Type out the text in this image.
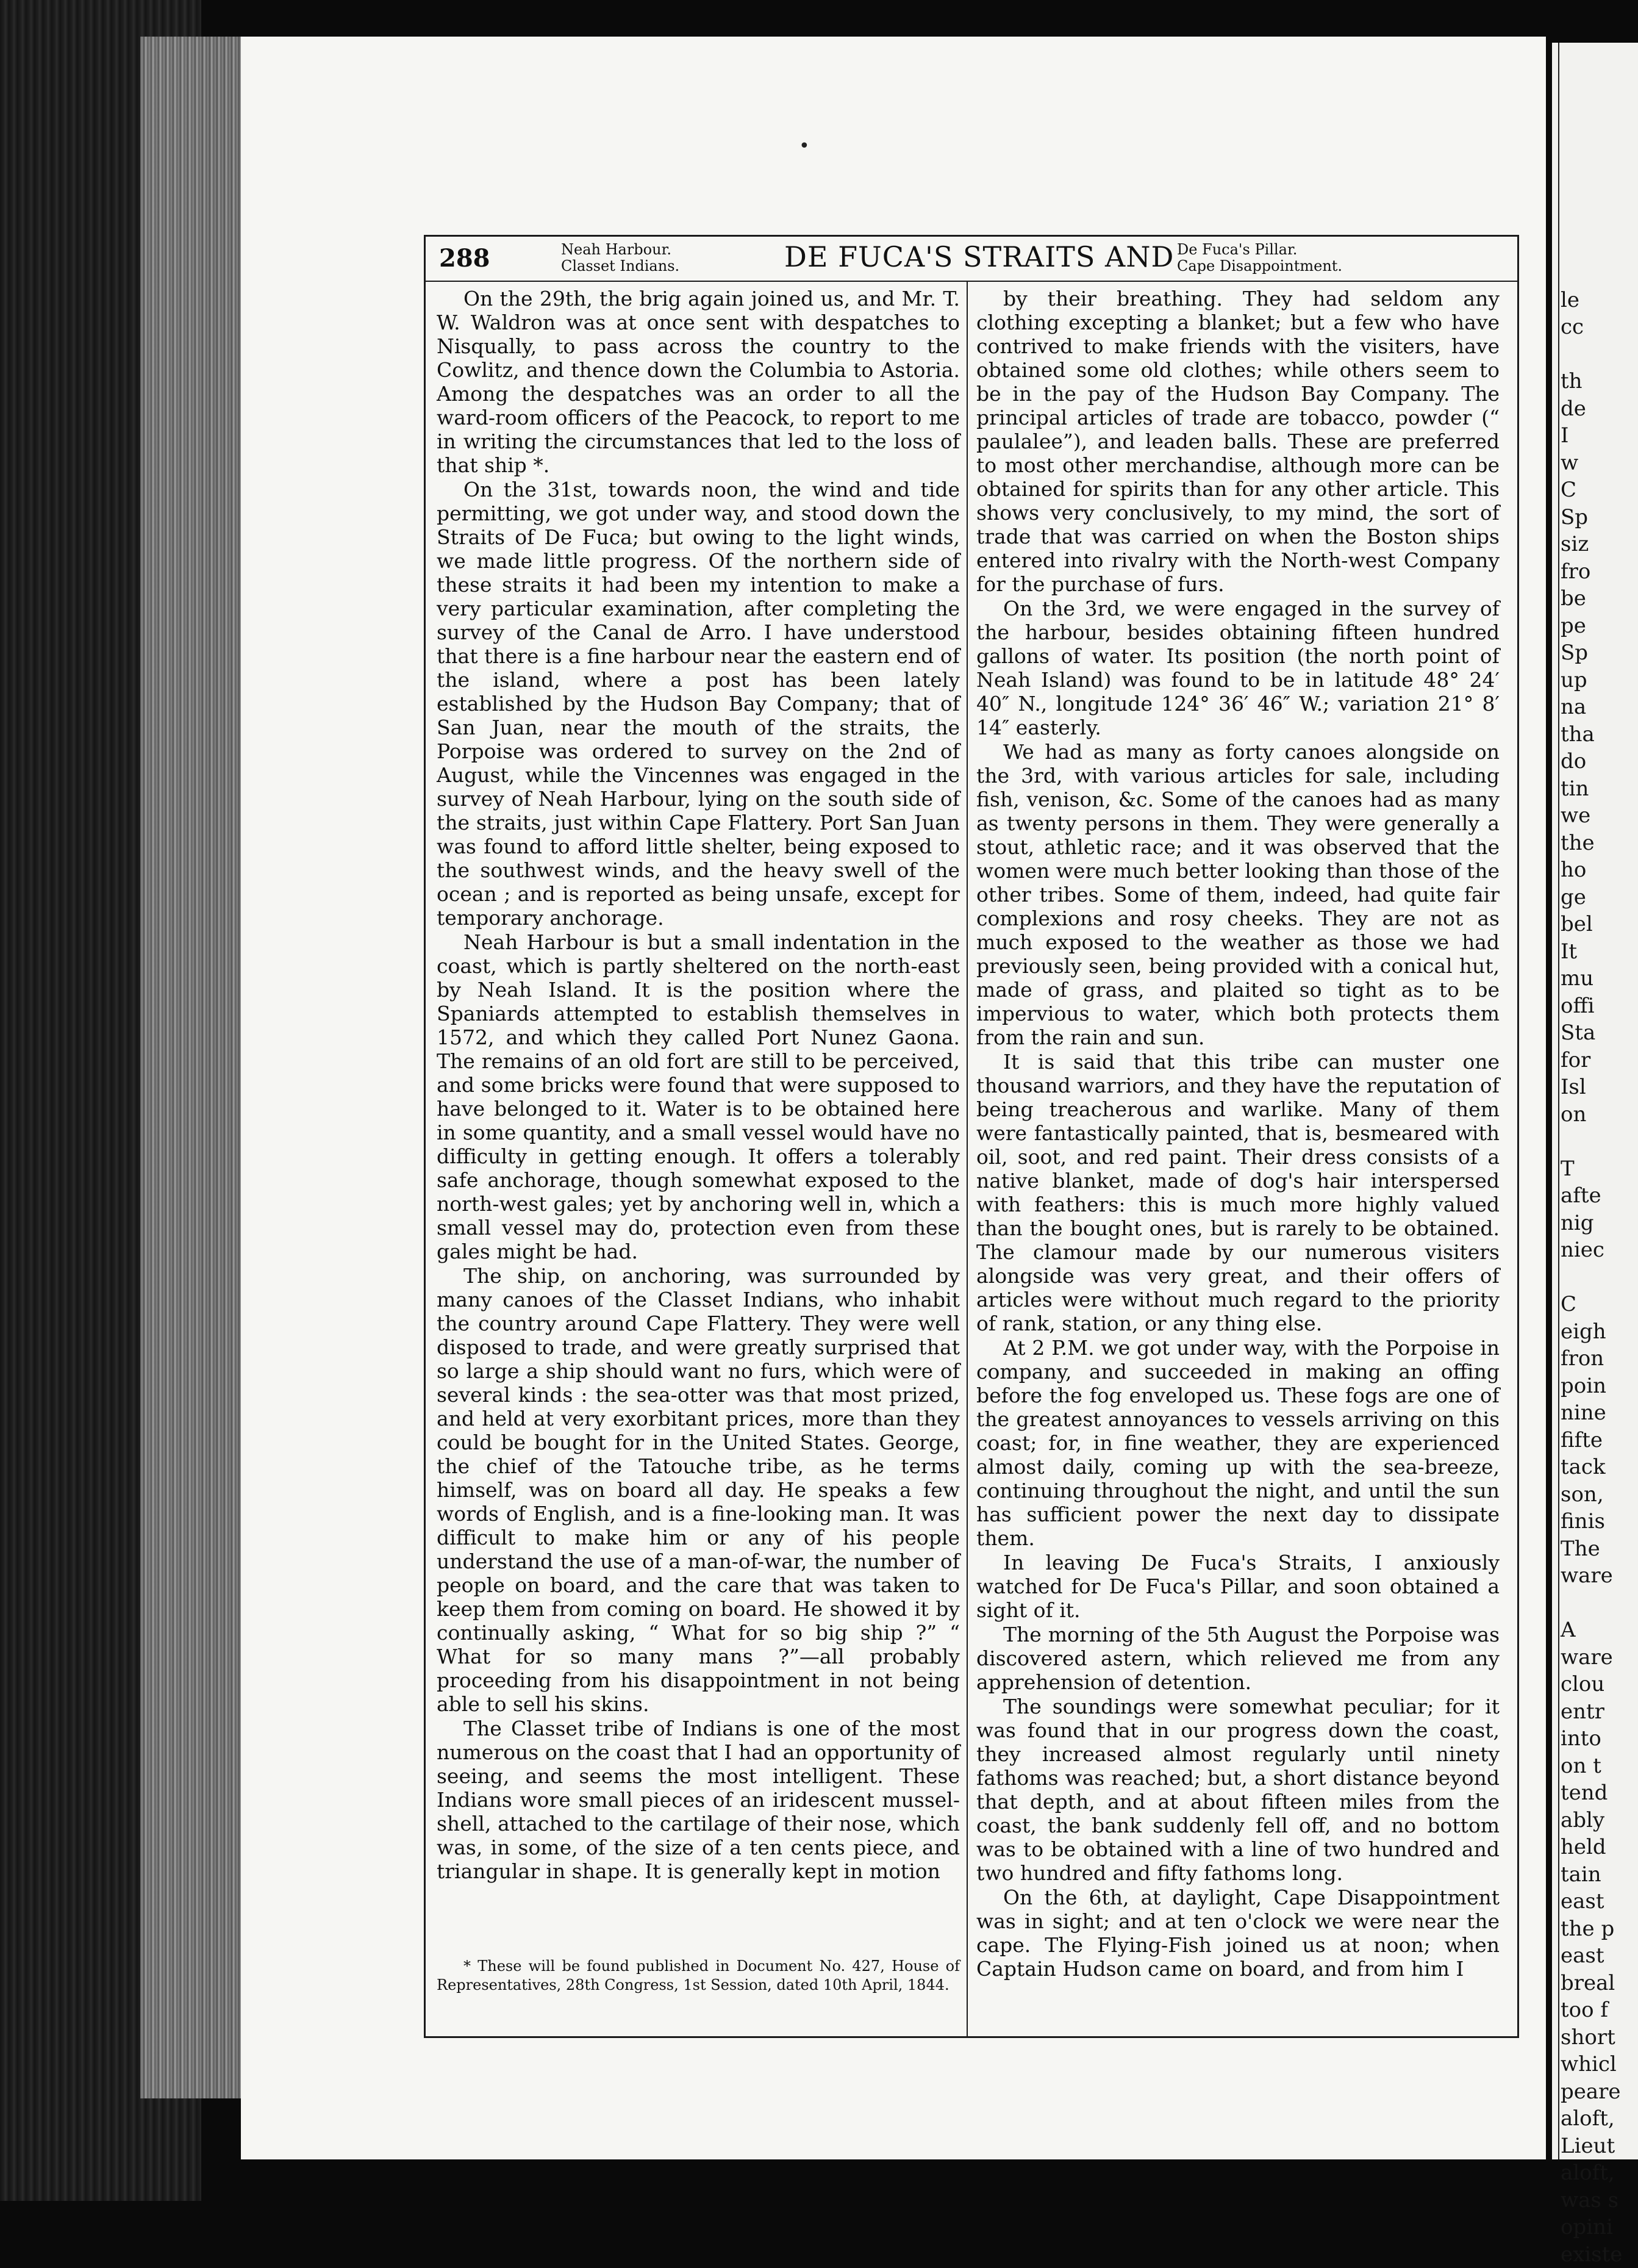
•
le
cc
th
de
I
w
C
Sp
siz
fro
be
pe
Sp
up
na
tha
do
tin
we
the
ho
ge
bel
It
mu
offi
Sta
for
Isl
on
T
afte
nig
niec
C
eigh
fron
poin
nine
fifte
tack
son,
finis
The
ware
A
ware
clou
entr
into
on t
tend
ably
held
tain
east
the p
east
breal
too f
short
whicl
peare
aloft,
Lieut
aloft,
was s
opini
existe
288	Neah Harbour.
Classet Indians.	DE FUCA'S STRAITS AND De Fuca's Pillar.
Cape Disappointment.

On the 29th, the brig again joined us, and Mr. T. W. Waldron was at once sent with despatches to Nisqually, to pass across the country to the Cowlitz, and thence down the Columbia to Astoria. Among the despatches was an order to all the ward-room officers of the Peacock, to report to me in writing the circumstances that led to the loss of that ship *.

On the 31st, towards noon, the wind and tide permitting, we got under way, and stood down the Straits of De Fuca; but owing to the light winds, we made little progress. Of the northern side of these straits it had been my intention to make a very particular examination, after completing the survey of the Canal de Arro. I have understood that there is a fine harbour near the eastern end of the island, where a post has been lately established by the Hudson Bay Company; that of San Juan, near the mouth of the straits, the Porpoise was ordered to survey on the 2nd of August, while the Vincennes was engaged in the survey of Neah Harbour, lying on the south side of the straits, just within Cape Flattery. Port San Juan was found to afford little shelter, being exposed to the southwest winds, and the heavy swell of the ocean ; and is reported as being unsafe, except for temporary anchorage.

Neah Harbour is but a small indentation in the coast, which is partly sheltered on the north-east by Neah Island. It is the position where the Spaniards attempted to establish themselves in 1572, and which they called Port Nunez Gaona. The remains of an old fort are still to be perceived, and some bricks were found that were supposed to have belonged to it. Water is to be obtained here in some quantity, and a small vessel would have no difficulty in getting enough. It offers a tolerably safe anchorage, though somewhat exposed to the north-west gales; yet by anchoring well in, which a small vessel may do, protection even from these gales might be had.

The ship, on anchoring, was surrounded by many canoes of the Classet Indians, who inhabit the country around Cape Flattery. They were well disposed to trade, and were greatly surprised that so large a ship should want no furs, which were of several kinds : the sea-otter was that most prized, and held at very exorbitant prices, more than they could be bought for in the United States. George, the chief of the Tatouche tribe, as he terms himself, was on board all day. He speaks a few words of English, and is a fine-looking man. It was difficult to make him or any of his people understand the use of a man-of-war, the number of people on board, and the care that was taken to keep them from coming on board. He showed it by continually asking, “ What for so big ship ?” “ What for so many mans ?”—all probably proceeding from his disappointment in not being able to sell his skins.

The Classet tribe of Indians is one of the most numerous on the coast that I had an opportunity of seeing, and seems the most intelligent. These Indians wore small pieces of an iridescent mussel-shell, attached to the cartilage of their nose, which was, in some, of the size of a ten cents piece, and triangular in shape. It is generally kept in motion

by their breathing. They had seldom any clothing excepting a blanket; but a few who have contrived to make friends with the visiters, have obtained some old clothes; while others seem to be in the pay of the Hudson Bay Company. The principal articles of trade are tobacco, powder (“ paulalee”), and leaden balls. These are preferred to most other merchandise, although more can be obtained for spirits than for any other article. This shows very conclusively, to my mind, the sort of trade that was carried on when the Boston ships entered into rivalry with the North-west Company for the purchase of furs.

On the 3rd, we were engaged in the survey of the harbour, besides obtaining fifteen hundred gallons of water. Its position (the north point of Neah Island) was found to be in latitude 48° 24′ 40″ N., longitude 124° 36′ 46″ W.; variation 21° 8′ 14″ easterly.

We had as many as forty canoes alongside on the 3rd, with various articles for sale, including fish, venison, &c. Some of the canoes had as many as twenty persons in them. They were generally a stout, athletic race; and it was observed that the women were much better looking than those of the other tribes. Some of them, indeed, had quite fair complexions and rosy cheeks. They are not as much exposed to the weather as those we had previously seen, being provided with a conical hut, made of grass, and plaited so tight as to be impervious to water, which both protects them from the rain and sun.

It is said that this tribe can muster one thousand warriors, and they have the reputation of being treacherous and warlike. Many of them were fantastically painted, that is, besmeared with oil, soot, and red paint. Their dress consists of a native blanket, made of dog's hair interspersed with feathers: this is much more highly valued than the bought ones, but is rarely to be obtained. The clamour made by our numerous visiters alongside was very great, and their offers of articles were without much regard to the priority of rank, station, or any thing else.

At 2 P.M. we got under way, with the Porpoise in company, and succeeded in making an offing before the fog enveloped us. These fogs are one of the greatest annoyances to vessels arriving on this coast; for, in fine weather, they are experienced almost daily, coming up with the sea-breeze, continuing throughout the night, and until the sun has sufficient power the next day to dissipate them.

In leaving De Fuca's Straits, I anxiously watched for De Fuca's Pillar, and soon obtained a sight of it.

The morning of the 5th August the Porpoise was discovered astern, which relieved me from any apprehension of detention.

The soundings were somewhat peculiar; for it was found that in our progress down the coast, they increased almost regularly until ninety fathoms was reached; but, a short distance beyond that depth, and at about fifteen miles from the coast, the bank suddenly fell off, and no bottom was to be obtained with a line of two hundred and two hundred and fifty fathoms long.

On the 6th, at daylight, Cape Disappointment was in sight; and at ten o'clock we were near the cape. The Flying-Fish joined us at noon; when Captain Hudson came on board, and from him I

* These will be found published in Document No. 427, House of Representatives, 28th Congress, 1st Session, dated 10th April, 1844.
